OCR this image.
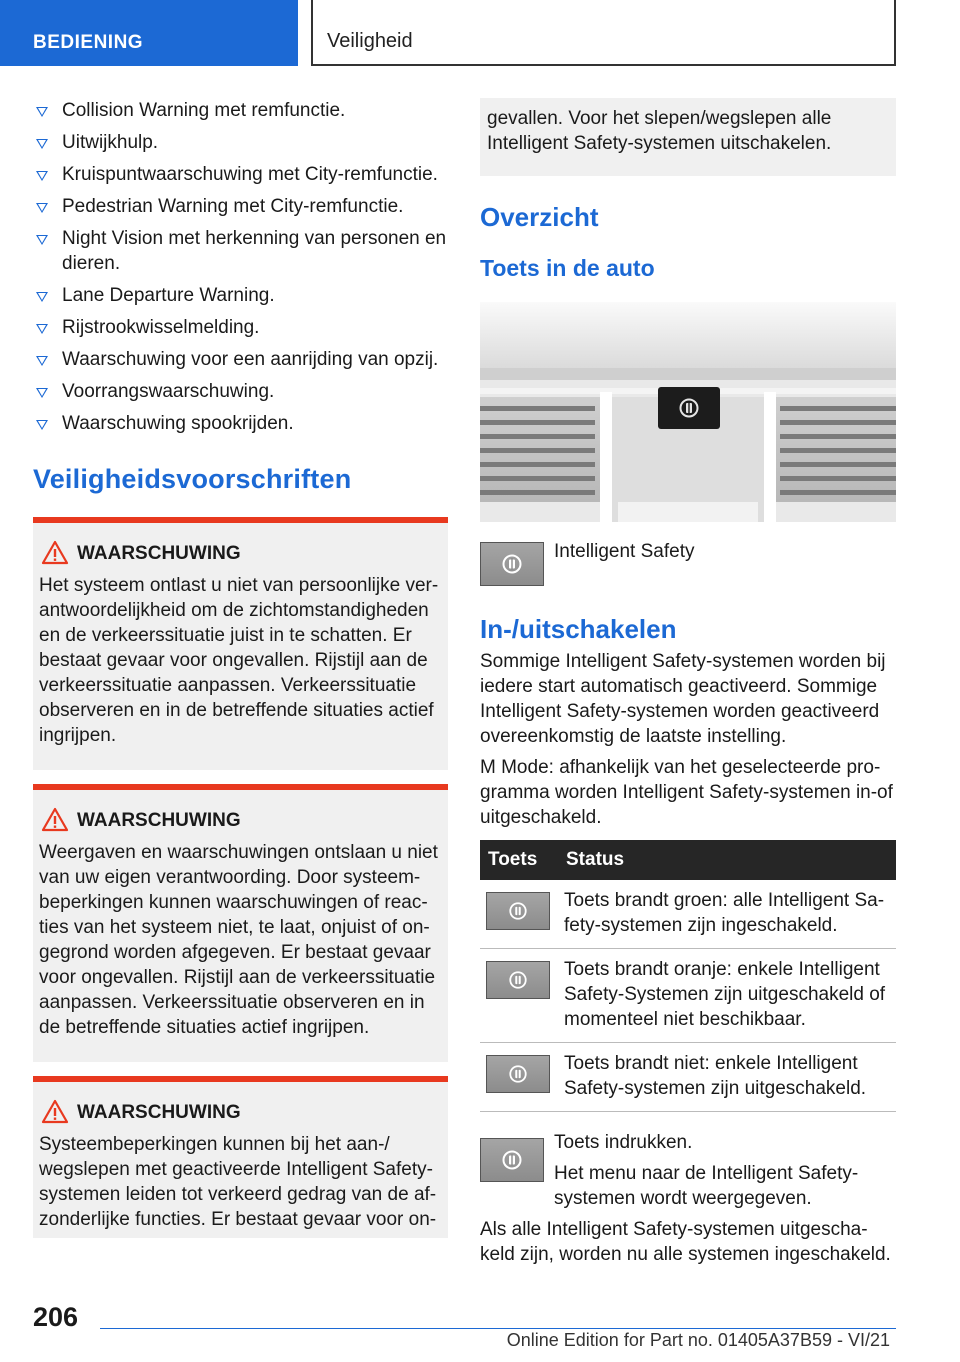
BEDIENING	Veiligheid
Collision Warning met remfunctie.
Uitwijkhulp.
Kruispuntwaarschuwing met City-remfunctie.
Pedestrian Warning met City-remfunctie.
Night Vision met herkenning van personen en dieren.
Lane Departure Warning.
Rijstrookwisselmelding.
Waarschuwing voor een aanrijding van opzij.
Voorrangswaarschuwing.
Waarschuwing spookrijden.
Veiligheidsvoorschriften
WAARSCHUWING

Het systeem ontlast u niet van persoonlijke ver-antwoordelijkheid om de zichtomstandigheden en de verkeerssituatie juist in te schatten. Er bestaat gevaar voor ongevallen. Rijstijl aan de verkeerssituatie aanpassen. Verkeerssituatie observeren en in de betreffende situaties actief ingrijpen.

WAARSCHUWING

Weergaven en waarschuwingen ontslaan u niet van uw eigen verantwoording. Door systeem-beperkingen kunnen waarschuwingen of reac-ties van het systeem niet, te laat, onjuist of on-gegrond worden afgegeven. Er bestaat gevaar voor ongevallen. Rijstijl aan de verkeerssituatie aanpassen. Verkeerssituatie observeren en in de betreffende situaties actief ingrijpen.

WAARSCHUWING

Systeembeperkingen kunnen bij het aan-/ wegslepen met geactiveerde Intelligent Safety-systemen leiden tot verkeerd gedrag van de af-zonderlijke functies. Er bestaat gevaar voor on-

gevallen. Voor het slepen/wegslepen alle Intelligent Safety-systemen uitschakelen.
Overzicht
Toets in de auto
Intelligent Safety
In-/uitschakelen

Sommige Intelligent Safety-systemen worden bij iedere start automatisch geactiveerd. Sommige Intelligent Safety-systemen worden geactiveerd overeenkomstig de laatste instelling.

M Mode: afhankelijk van het geselecteerde pro-gramma worden Intelligent Safety-systemen in-of uitgeschakeld.

Toets	Status

	Toets brandt groen: alle Intelligent Sa-fety-systemen zijn ingeschakeld.

	Toets brandt oranje: enkele Intelligent Safety-Systemen zijn uitgeschakeld of momenteel niet beschikbaar.

	Toets brandt niet: enkele Intelligent Safety-systemen zijn uitgeschakeld.

Toets indrukken.

Het menu naar de Intelligent Safety-systemen wordt weergegeven.

Als alle Intelligent Safety-systemen uitgescha-keld zijn, worden nu alle systemen ingeschakeld.

206
Online Edition for Part no. 01405A37B59 - VI/21
